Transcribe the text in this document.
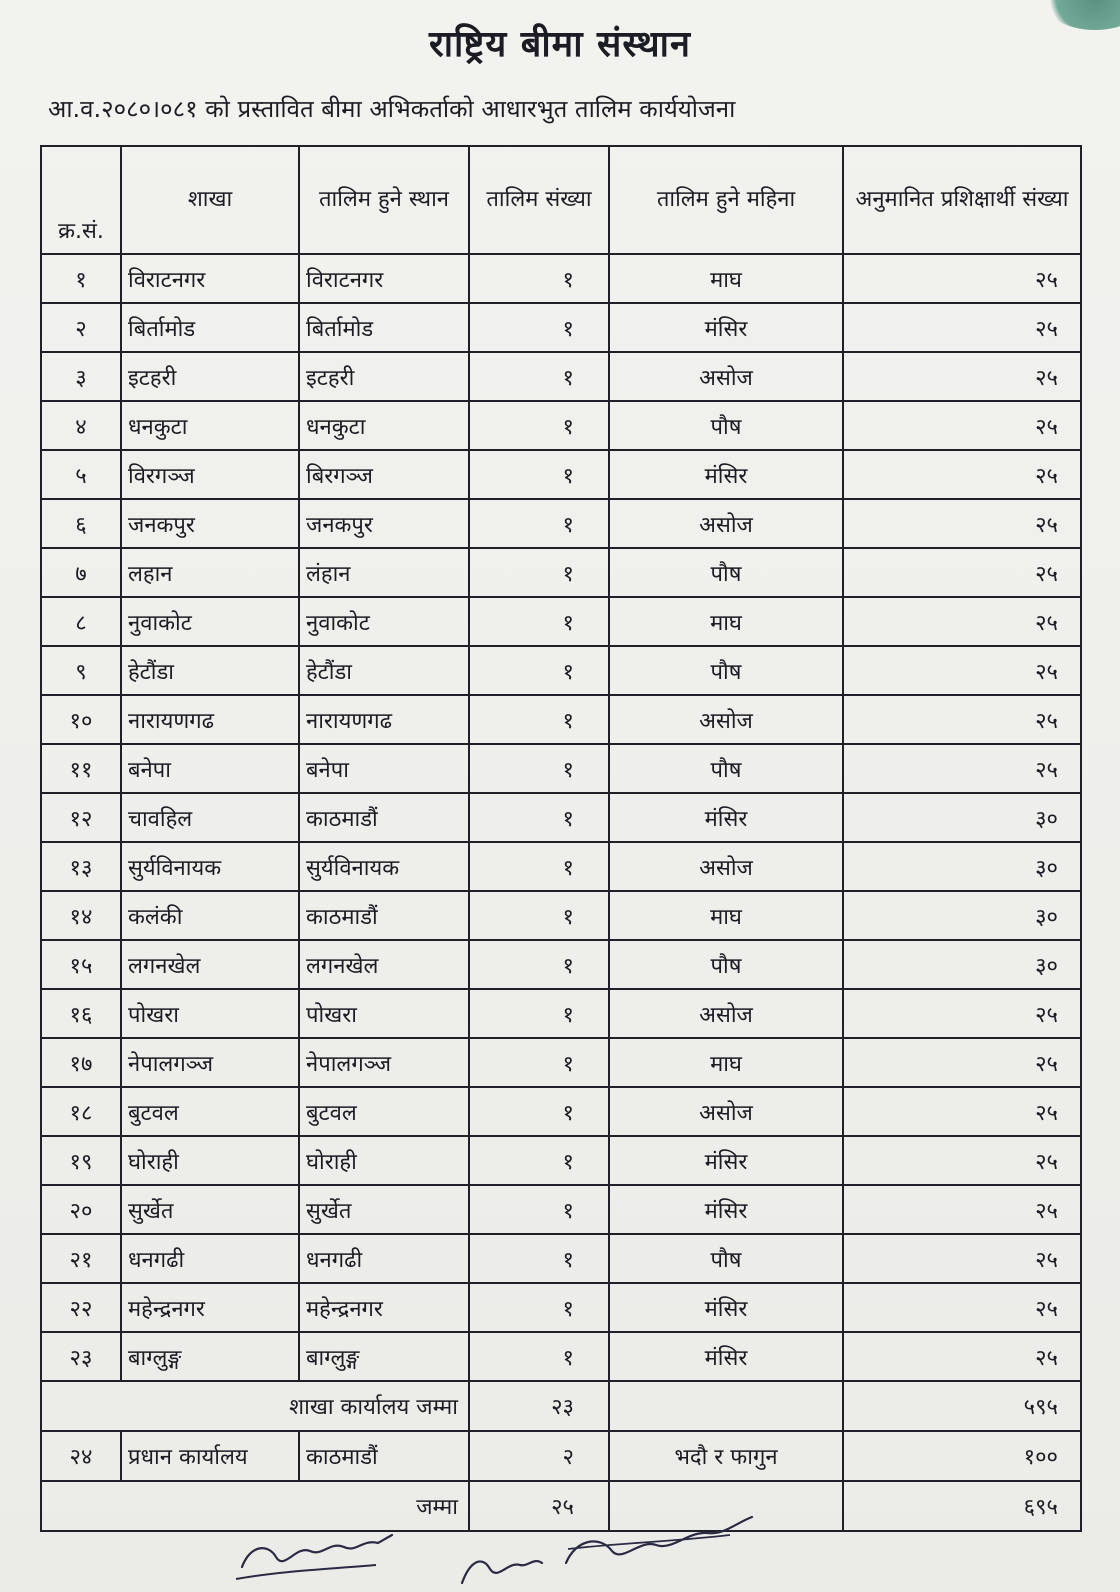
राष्ट्रिय बीमा संस्थान
आ.व.२०८०।०८१ को प्रस्तावित बीमा अभिकर्ताको आधारभुत तालिम कार्ययोजना
क्र.सं.	शाखा	तालिम हुने स्थान	तालिम संख्या	तालिम हुने महिना	अनुमानित प्रशिक्षार्थी संख्या
१	विराटनगर	विराटनगर	१	माघ	२५
२	बिर्तामोड	बिर्तामोड	१	मंसिर	२५
३	इटहरी	इटहरी	१	असोज	२५
४	धनकुटा	धनकुटा	१	पौष	२५
५	विरगञ्ज	बिरगञ्ज	१	मंसिर	२५
६	जनकपुर	जनकपुर	१	असोज	२५
७	लहान	लंहान	१	पौष	२५
८	नुवाकोट	नुवाकोट	१	माघ	२५
९	हेटौंडा	हेटौंडा	१	पौष	२५
१०	नारायणगढ	नारायणगढ	१	असोज	२५
११	बनेपा	बनेपा	१	पौष	२५
१२	चावहिल	काठमाडौं	१	मंसिर	३०
१३	सुर्यविनायक	सुर्यविनायक	१	असोज	३०
१४	कलंकी	काठमाडौं	१	माघ	३०
१५	लगनखेल	लगनखेल	१	पौष	३०
१६	पोखरा	पोखरा	१	असोज	२५
१७	नेपालगञ्ज	नेपालगञ्ज	१	माघ	२५
१८	बुटवल	बुटवल	१	असोज	२५
१९	घोराही	घोराही	१	मंसिर	२५
२०	सुर्खेत	सुर्खेत	१	मंसिर	२५
२१	धनगढी	धनगढी	१	पौष	२५
२२	महेन्द्रनगर	महेन्द्रनगर	१	मंसिर	२५
२३	बाग्लुङ्ग	बाग्लुङ्ग	१	मंसिर	२५
शाखा कार्यालय जम्मा			२३		५९५
२४	प्रधान कार्यालय	काठमाडौं	२	भदौ र फागुन	१००
जम्मा			२५		६९५
